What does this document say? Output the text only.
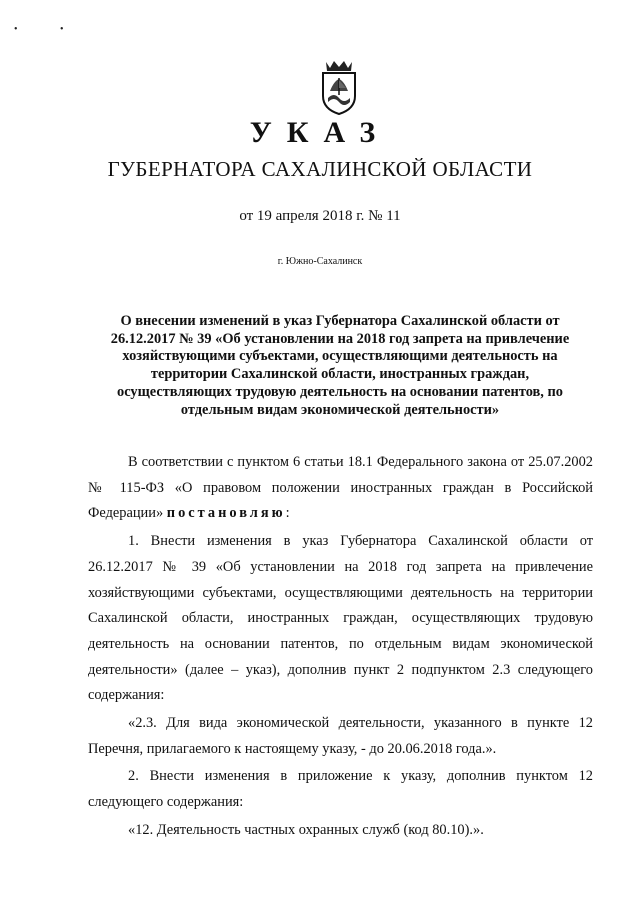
• •
УКАЗ
ГУБЕРНАТОРА САХАЛИНСКОЙ ОБЛАСТИ
от 19 апреля 2018 г. № 11
г. Южно-Сахалинск
О внесении изменений в указ Губернатора Сахалинской области от 26.12.2017 № 39 «Об установлении на 2018 год запрета на привлечение хозяйствующими субъектами, осуществляющими деятельность на территории Сахалинской области, иностранных граждан, осуществляющих трудовую деятельность на основании патентов, по отдельным видам экономической деятельности»

В соответствии с пунктом 6 статьи 18.1 Федерального закона от 25.07.2002 № 115-ФЗ «О правовом положении иностранных граждан в Российской Федерации» постановляю:

1. Внести изменения в указ Губернатора Сахалинской области от 26.12.2017 № 39 «Об установлении на 2018 год запрета на привлечение хозяйствующими субъектами, осуществляющими деятельность на территории Сахалинской области, иностранных граждан, осуществляющих трудовую деятельность на основании патентов, по отдельным видам экономической деятельности» (далее – указ), дополнив пункт 2 подпунктом 2.3 следующего содержания:

«2.3. Для вида экономической деятельности, указанного в пункте 12 Перечня, прилагаемого к настоящему указу, - до 20.06.2018 года.».

2. Внести изменения в приложение к указу, дополнив пунктом 12 следующего содержания:

«12. Деятельность частных охранных служб (код 80.10).».
